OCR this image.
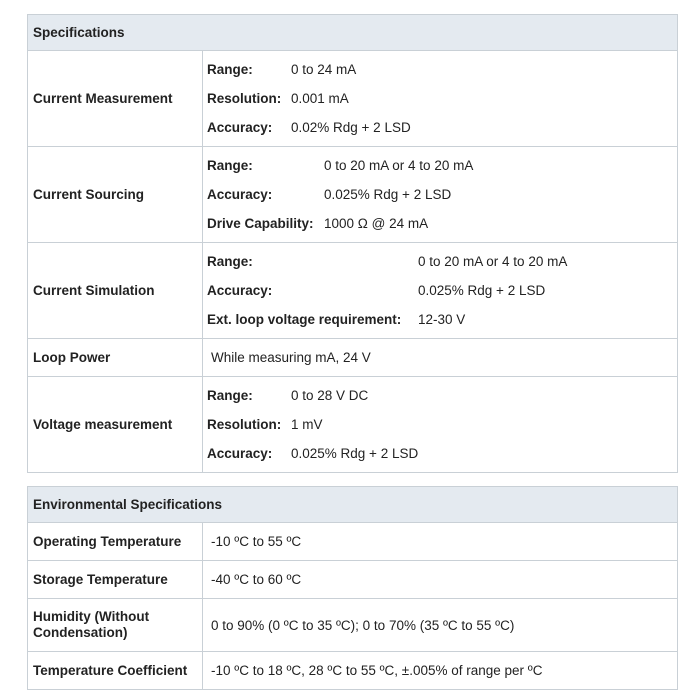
Specifications
Current Measurement	
Range:	0 to 24 mA
Resolution:	0.001 mA
Accuracy:	0.02% Rdg + 2 LSD

Current Sourcing	
Range:	0 to 20 mA or 4 to 20 mA
Accuracy:	0.025% Rdg + 2 LSD
Drive Capability:	1000 Ω @ 24 mA

Current Simulation	
Range:	0 to 20 mA or 4 to 20 mA
Accuracy:	0.025% Rdg + 2 LSD
Ext. loop voltage requirement:	12-30 V

Loop Power	While measuring mA, 24 V
Voltage measurement	
Range:	0 to 28 V DC
Resolution:	1 mV
Accuracy:	0.025% Rdg + 2 LSD
Environmental Specifications	
Operating Temperature	-10 ºC to 55 ºC
Storage Temperature	-40 ºC to 60 ºC
Humidity (Without
Condensation)	0 to 90% (0 ºC to 35 ºC); 0 to 70% (35 ºC to 55 ºC)
Temperature Coefficient	-10 ºC to 18 ºC, 28 ºC to 55 ºC, ±.005% of range per ºC
